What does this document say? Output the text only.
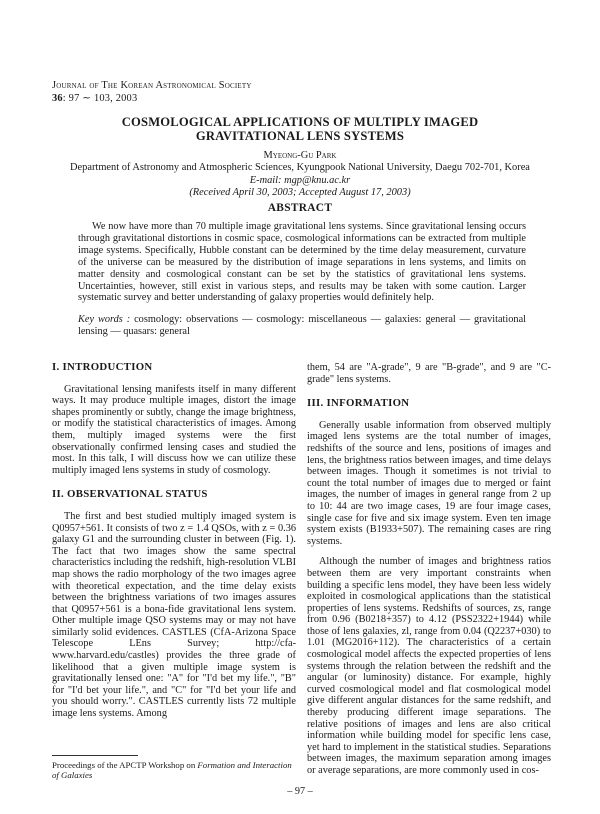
Journal of The Korean Astronomical Society
36: 97 ∼ 103, 2003
COSMOLOGICAL APPLICATIONS OF MULTIPLY IMAGED
GRAVITATIONAL LENS SYSTEMS
Myeong-Gu Park
Department of Astronomy and Atmospheric Sciences, Kyungpook National University, Daegu 702-701, Korea
E-mail: mgp@knu.ac.kr
(Received April 30, 2003; Accepted August 17, 2003)
ABSTRACT

We now have more than 70 multiple image gravitational lens systems. Since gravitational lensing occurs through gravitational distortions in cosmic space, cosmological informations can be extracted from multiple image systems. Specifically, Hubble constant can be determined by the time delay measurement, curvature of the universe can be measured by the distribution of image separations in lens systems, and limits on matter density and cosmological constant can be set by the statistics of gravitational lens systems. Uncertainties, however, still exist in various steps, and results may be taken with some caution. Larger systematic survey and better understanding of galaxy properties would definitely help.

Key words : cosmology: observations — cosmology: miscellaneous — galaxies: general — gravitational lensing — quasars: general

I. INTRODUCTION

Gravitational lensing manifests itself in many different ways. It may produce multiple images, distort the image shapes prominently or subtly, change the image brightness, or modify the statistical characteristics of images. Among them, multiply imaged systems were the first observationally confirmed lensing cases and studied the most. In this talk, I will discuss how we can utilize these multiply imaged lens systems in study of cosmology.

II. OBSERVATIONAL STATUS

The first and best studied multiply imaged system is Q0957+561. It consists of two z = 1.4 QSOs, with z = 0.36 galaxy G1 and the surrounding cluster in between (Fig. 1). The fact that two images show the same spectral characteristics including the redshift, high-resolution VLBI map shows the radio morphology of the two images agree with theoretical expectation, and the time delay exists between the brightness variations of two images assures that Q0957+561 is a bona-fide gravitational lens system. Other multiple image QSO systems may or may not have similarly solid evidences. CASTLES (CfA-Arizona Space Telescope LEns Survey; http://cfa-www.harvard.edu/castles) provides the three grade of likelihood that a given multiple image system is gravitationally lensed one: "A" for "I'd bet my life.", "B" for "I'd bet your life.", and "C" for "I'd bet your life and you should worry.". CASTLES currently lists 72 multiple image lens systems. Among

them, 54 are "A-grade", 9 are "B-grade", and 9 are "C-grade" lens systems.

III. INFORMATION

Generally usable information from observed multiply imaged lens systems are the total number of images, redshifts of the source and lens, positions of images and lens, the brightness ratios between images, and time delays between images. Though it sometimes is not trivial to count the total number of images due to merged or faint images, the number of images in general range from 2 up to 10: 44 are two image cases, 19 are four image cases, single case for five and six image system. Even ten image system exists (B1933+507). The remaining cases are ring systems.

Although the number of images and brightness ratios between them are very important constraints when building a specific lens model, they have been less widely exploited in cosmological applications than the statistical properties of lens systems. Redshifts of sources, zs, range from 0.96 (B0218+357) to 4.12 (PSS2322+1944) while those of lens galaxies, zl, range from 0.04 (Q2237+030) to 1.01 (MG2016+112). The characteristics of a certain cosmological model affects the expected properties of lens systems through the relation between the redshift and the angular (or luminosity) distance. For example, highly curved cosmological model and flat cosmological model give different angular distances for the same redshift, and thereby producing different image separations. The relative positions of images and lens are also critical information while building model for specific lens case, yet hard to implement in the statistical studies. Separations between images, the maximum separation among images or average separations, are more commonly used in cos-

Proceedings of the APCTP Workshop on Formation and Interaction of Galaxies

– 97 –
